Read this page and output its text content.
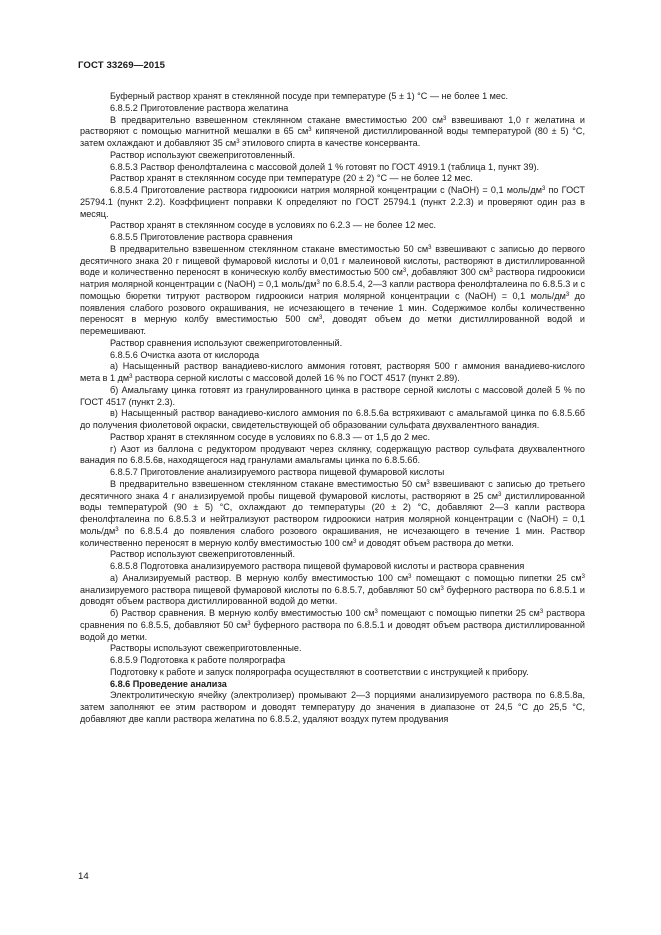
ГОСТ 33269—2015

Буферный раствор хранят в стеклянной посуде при температуре (5 ± 1) °С — не более 1 мес.

6.8.5.2 Приготовление раствора желатина

В предварительно взвешенном стеклянном стакане вместимостью 200 $см^3$ взвешивают 1,0 г желатина и растворяют с помощью магнитной мешалки в 65 $см^3$ кипяченой дистиллированной воды температурой (80 ± 5) °С, затем охлаждают и добавляют 35 $см^3$ этилового спирта в качестве консерванта.

Раствор используют свежеприготовленный.

6.8.5.3 Раствор фенолфталеина с массовой долей 1 % готовят по ГОСТ 4919.1 (таблица 1, пункт 39).

Раствор хранят в стеклянном сосуде при температуре (20 ± 2) °С — не более 12 мес.

6.8.5.4 Приготовление раствора гидроокиси натрия молярной концентрации с (NaOH) = 0,1 моль/$дм^3$ по ГОСТ 25794.1 (пункт 2.2). Коэффициент поправки К определяют по ГОСТ 25794.1 (пункт 2.2.3) и проверяют один раз в месяц.

Раствор хранят в стеклянном сосуде в условиях по 6.2.3 — не более 12 мес.

6.8.5.5 Приготовление раствора сравнения

В предварительно взвешенном стеклянном стакане вместимостью 50 $см^3$ взвешивают с записью до первого десятичного знака 20 г пищевой фумаровой кислоты и 0,01 г малеиновой кислоты, растворяют в дистиллированной воде и количественно переносят в коническую колбу вместимостью 500 $см^3$, добавляют 300 $см^3$ раствора гидроокиси натрия молярной концентрации с (NaOH) = 0,1 моль/$дм^3$ по 6.8.5.4, 2—3 капли раствора фенолфталеина по 6.8.5.3 и с помощью бюретки титруют раствором гидроокиси натрия молярной концентрации с (NaOH) = 0,1 моль/$дм^3$ до появления слабого розового окрашивания, не исчезающего в течение 1 мин. Содержимое колбы количественно переносят в мерную колбу вместимостью 500 $см^3$, доводят объем до метки дистиллированной водой и перемешивают.

Раствор сравнения используют свежеприготовленный.

6.8.5.6 Очистка азота от кислорода

а) Насыщенный раствор ванадиево-кислого аммония готовят, растворяя 500 г аммония ванадиево-кислого мета в 1 $дм^3$ раствора серной кислоты с массовой долей 16 % по ГОСТ 4517 (пункт 2.89).

б) Амальгаму цинка готовят из гранулированного цинка в растворе серной кислоты с массовой долей 5 % по ГОСТ 4517 (пункт 2.3).

в) Насыщенный раствор ванадиево-кислого аммония по 6.8.5.6а встряхивают с амальгамой цинка по 6.8.5.6б до получения фиолетовой окраски, свидетельствующей об образовании сульфата двухвалентного ванадия.

Раствор хранят в стеклянном сосуде в условиях по 6.8.3 — от 1,5 до 2 мес.

г) Азот из баллона с редуктором продувают через склянку, содержащую раствор сульфата двухвалентного ванадия по 6.8.5.6в, находящегося над гранулами амальгамы цинка по 6.8.5.6б.

6.8.5.7 Приготовление анализируемого раствора пищевой фумаровой кислоты

В предварительно взвешенном стеклянном стакане вместимостью 50 $см^3$ взвешивают с записью до третьего десятичного знака 4 г анализируемой пробы пищевой фумаровой кислоты, растворяют в 25 $см^3$ дистиллированной воды температурой (90 ± 5) °С, охлаждают до температуры (20 ± 2) °С, добавляют 2—3 капли раствора фенолфталеина по 6.8.5.3 и нейтрализуют раствором гидроокиси натрия молярной концентрации с (NaOH) = 0,1 моль/$дм^3$ по 6.8.5.4 до появления слабого розового окрашивания, не исчезающего в течение 1 мин. Раствор количественно переносят в мерную колбу вместимостью 100 $см^3$ и доводят объем раствора до метки.

Раствор используют свежеприготовленный.

6.8.5.8 Подготовка анализируемого раствора пищевой фумаровой кислоты и раствора сравнения

а) Анализируемый раствор. В мерную колбу вместимостью 100 $см^3$ помещают с помощью пипетки 25 $см^3$ анализируемого раствора пищевой фумаровой кислоты по 6.8.5.7, добавляют 50 $см^3$ буферного раствора по 6.8.5.1 и доводят объем раствора дистиллированной водой до метки.

б) Раствор сравнения. В мерную колбу вместимостью 100 $см^3$ помещают с помощью пипетки 25 $см^3$ раствора сравнения по 6.8.5.5, добавляют 50 $см^3$ буферного раствора по 6.8.5.1 и доводят объем раствора дистиллированной водой до метки.

Растворы используют свежеприготовленные.

6.8.5.9 Подготовка к работе полярографа

Подготовку к работе и запуск полярографа осуществляют в соответствии с инструкцией к прибору.

6.8.6 Проведение анализа

Электролитическую ячейку (электролизер) промывают 2—3 порциями анализируемого раствора по 6.8.5.8а, затем заполняют ее этим раствором и доводят температуру до значения в диапазоне от 24,5 °С до 25,5 °С, добавляют две капли раствора желатина по 6.8.5.2, удаляют воздух путем продувания

14
